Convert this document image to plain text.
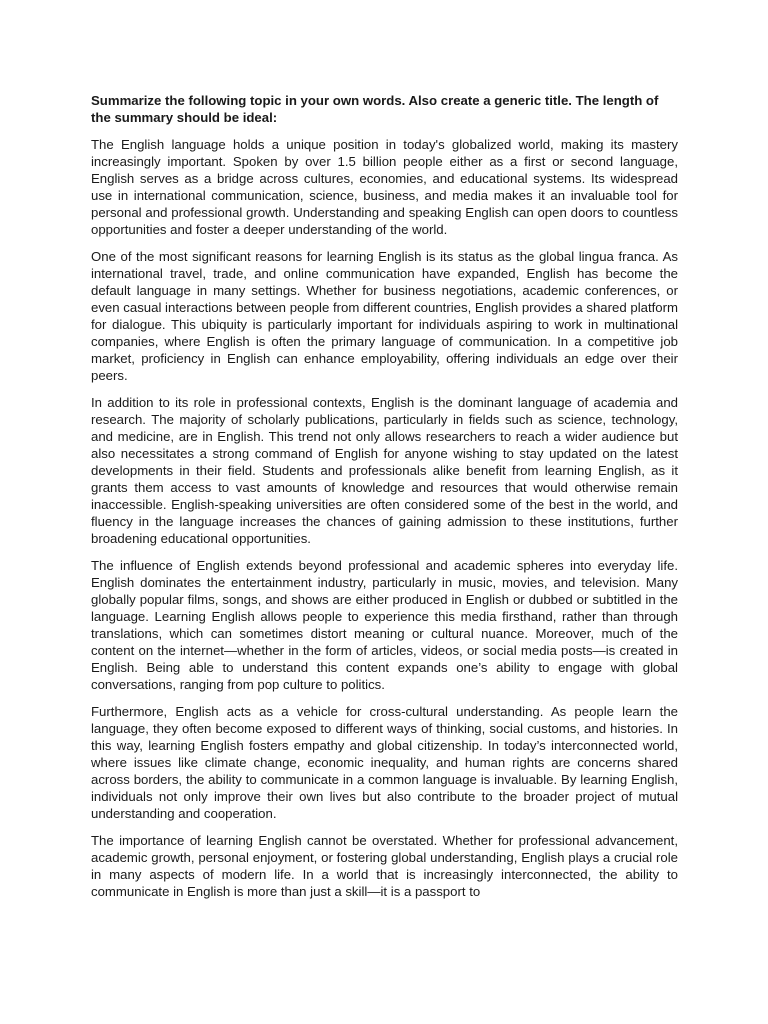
Summarize the following topic in your own words. Also create a generic title. The length of the summary should be ideal:

The English language holds a unique position in today's globalized world, making its mastery increasingly important. Spoken by over 1.5 billion people either as a first or second language, English serves as a bridge across cultures, economies, and educational systems. Its widespread use in international communication, science, business, and media makes it an invaluable tool for personal and professional growth. Understanding and speaking English can open doors to countless opportunities and foster a deeper understanding of the world.

One of the most significant reasons for learning English is its status as the global lingua franca. As international travel, trade, and online communication have expanded, English has become the default language in many settings. Whether for business negotiations, academic conferences, or even casual interactions between people from different countries, English provides a shared platform for dialogue. This ubiquity is particularly important for individuals aspiring to work in multinational companies, where English is often the primary language of communication. In a competitive job market, proficiency in English can enhance employability, offering individuals an edge over their peers.

In addition to its role in professional contexts, English is the dominant language of academia and research. The majority of scholarly publications, particularly in fields such as science, technology, and medicine, are in English. This trend not only allows researchers to reach a wider audience but also necessitates a strong command of English for anyone wishing to stay updated on the latest developments in their field. Students and professionals alike benefit from learning English, as it grants them access to vast amounts of knowledge and resources that would otherwise remain inaccessible. English-speaking universities are often considered some of the best in the world, and fluency in the language increases the chances of gaining admission to these institutions, further broadening educational opportunities.

The influence of English extends beyond professional and academic spheres into everyday life. English dominates the entertainment industry, particularly in music, movies, and television. Many globally popular films, songs, and shows are either produced in English or dubbed or subtitled in the language. Learning English allows people to experience this media firsthand, rather than through translations, which can sometimes distort meaning or cultural nuance. Moreover, much of the content on the internet—whether in the form of articles, videos, or social media posts—is created in English. Being able to understand this content expands one’s ability to engage with global conversations, ranging from pop culture to politics.

Furthermore, English acts as a vehicle for cross-cultural understanding. As people learn the language, they often become exposed to different ways of thinking, social customs, and histories. In this way, learning English fosters empathy and global citizenship. In today’s interconnected world, where issues like climate change, economic inequality, and human rights are concerns shared across borders, the ability to communicate in a common language is invaluable. By learning English, individuals not only improve their own lives but also contribute to the broader project of mutual understanding and cooperation.

The importance of learning English cannot be overstated. Whether for professional advancement, academic growth, personal enjoyment, or fostering global understanding, English plays a crucial role in many aspects of modern life. In a world that is increasingly interconnected, the ability to communicate in English is more than just a skill—it is a passport to
